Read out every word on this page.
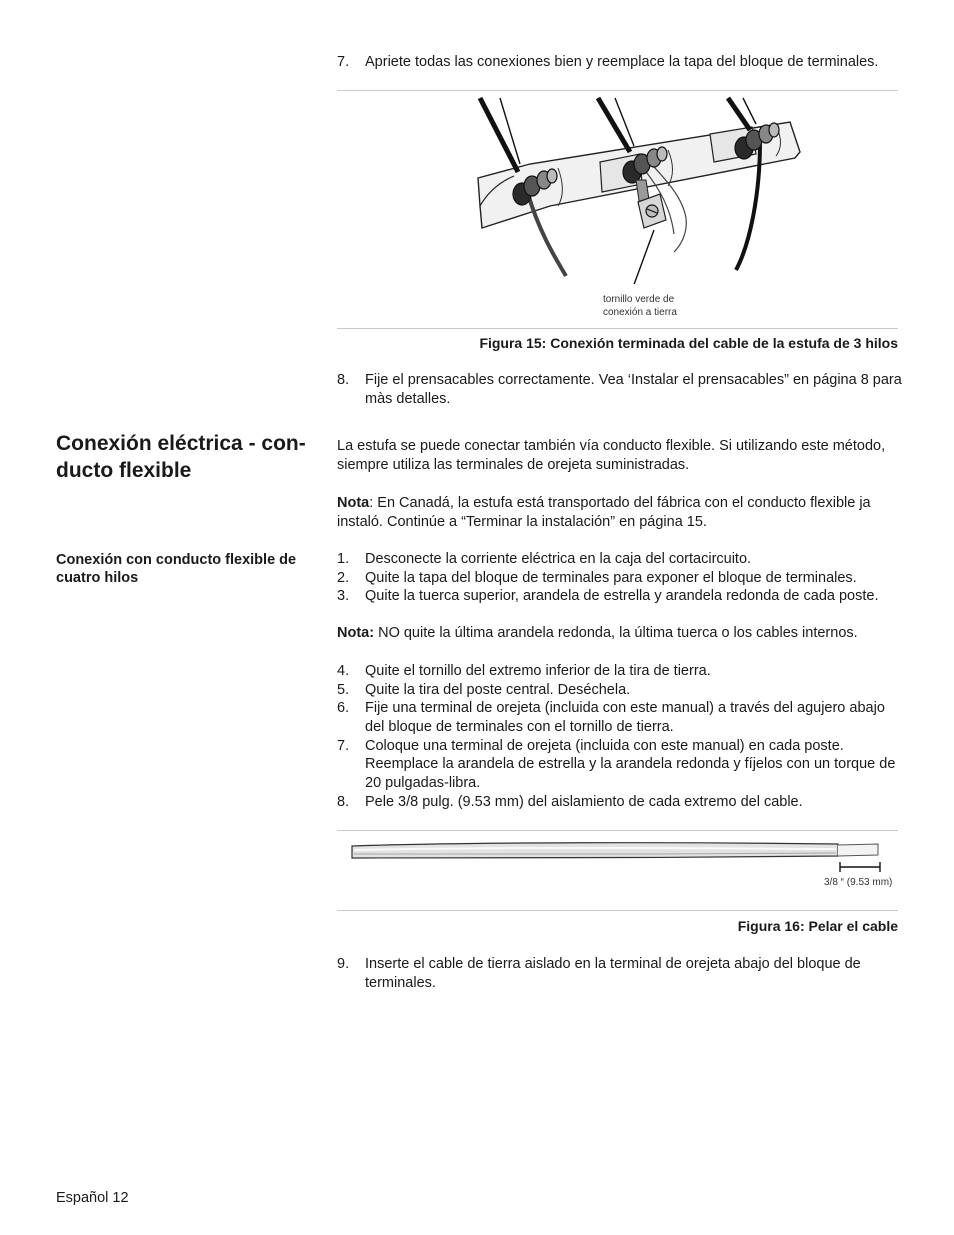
7.	Apriete todas las conexiones bien y reemplace la tapa del bloque de terminales.
tornillo verde de
conexión a tierra
Figura 15: Conexión terminada del cable de la estufa de 3 hilos
8.	Fije el prensacables correctamente. Vea ‘Instalar el prensacables” en página 8 para màs detalles.
Conexión eléctrica - con- ducto flexible
La estufa se puede conectar también vía conducto flexible. Si utilizando este método, siempre utiliza las terminales de orejeta suministradas.
Nota: En Canadá, la estufa está transportado del fábrica con el conducto flexible ja instaló. Continúe a “Terminar la instalación” en página 15.
Conexión con conducto flexible de cuatro hilos
1.	Desconecte la corriente eléctrica en la caja del cortacircuito.
2.	Quite la tapa del bloque de terminales para exponer el bloque de terminales.
3.	Quite la tuerca superior, arandela de estrella y arandela redonda de cada poste.
Nota: NO quite la última arandela redonda, la última tuerca o los cables internos.
4.	Quite el tornillo del extremo inferior de la tira de tierra.
5.	Quite la tira del poste central. Deséchela.
6.	Fije una terminal de orejeta (incluida con este manual) a través del agujero abajo del bloque de terminales con el tornillo de tierra.
7.	Coloque una terminal de orejeta (incluida con este manual) en cada poste. Reemplace la arandela de estrella y la arandela redonda y fíjelos con un torque de 20 pulgadas-libra.
8.	Pele 3/8 pulg. (9.53 mm) del aislamiento de cada extremo del cable.
3/8 “ (9.53 mm)
Figura 16: Pelar el cable
9.	Inserte el cable de tierra aislado en la terminal de orejeta abajo del bloque de terminales.
Español 12
